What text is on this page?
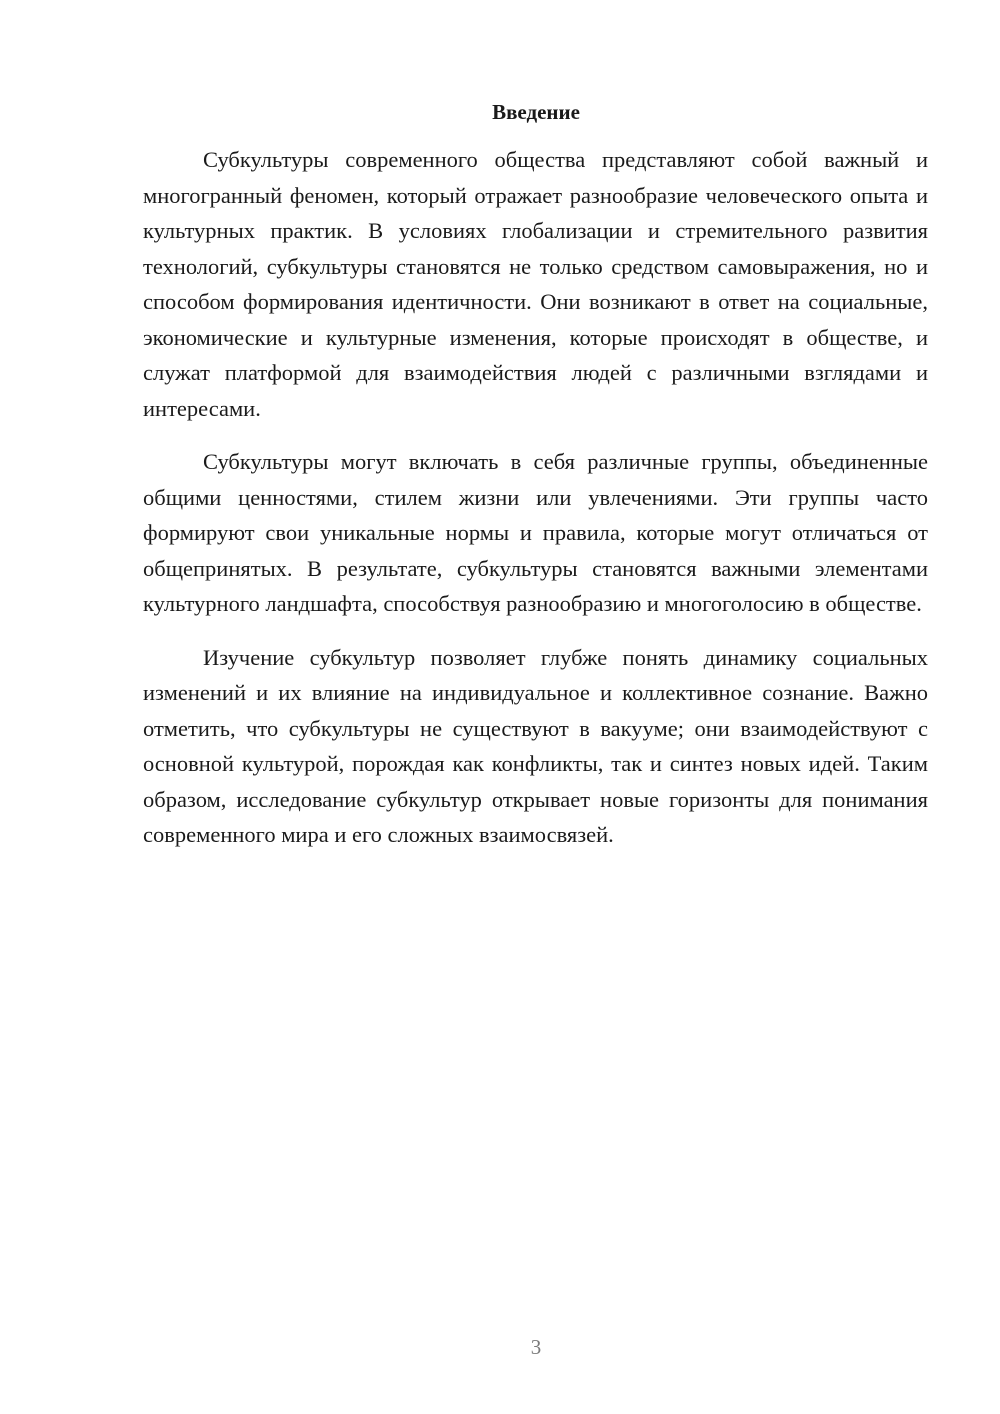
Введение

Субкультуры современного общества представляют собой важный и многогранный феномен, который отражает разнообразие человеческого опыта и культурных практик. В условиях глобализации и стремительного развития технологий, субкультуры становятся не только средством самовыражения, но и способом формирования идентичности. Они возникают в ответ на социальные, экономические и культурные изменения, которые происходят в обществе, и служат платформой для взаимодействия людей с различными взглядами и интересами.

Субкультуры могут включать в себя различные группы, объединенные общими ценностями, стилем жизни или увлечениями. Эти группы часто формируют свои уникальные нормы и правила, которые могут отличаться от общепринятых. В результате, субкультуры становятся важными элементами культурного ландшафта, способствуя разнообразию и многоголосию в обществе.

Изучение субкультур позволяет глубже понять динамику социальных изменений и их влияние на индивидуальное и коллективное сознание. Важно отметить, что субкультуры не существуют в вакууме; они взаимодействуют с основной культурой, порождая как конфликты, так и синтез новых идей. Таким образом, исследование субкультур открывает новые горизонты для понимания современного мира и его сложных взаимосвязей.

3
